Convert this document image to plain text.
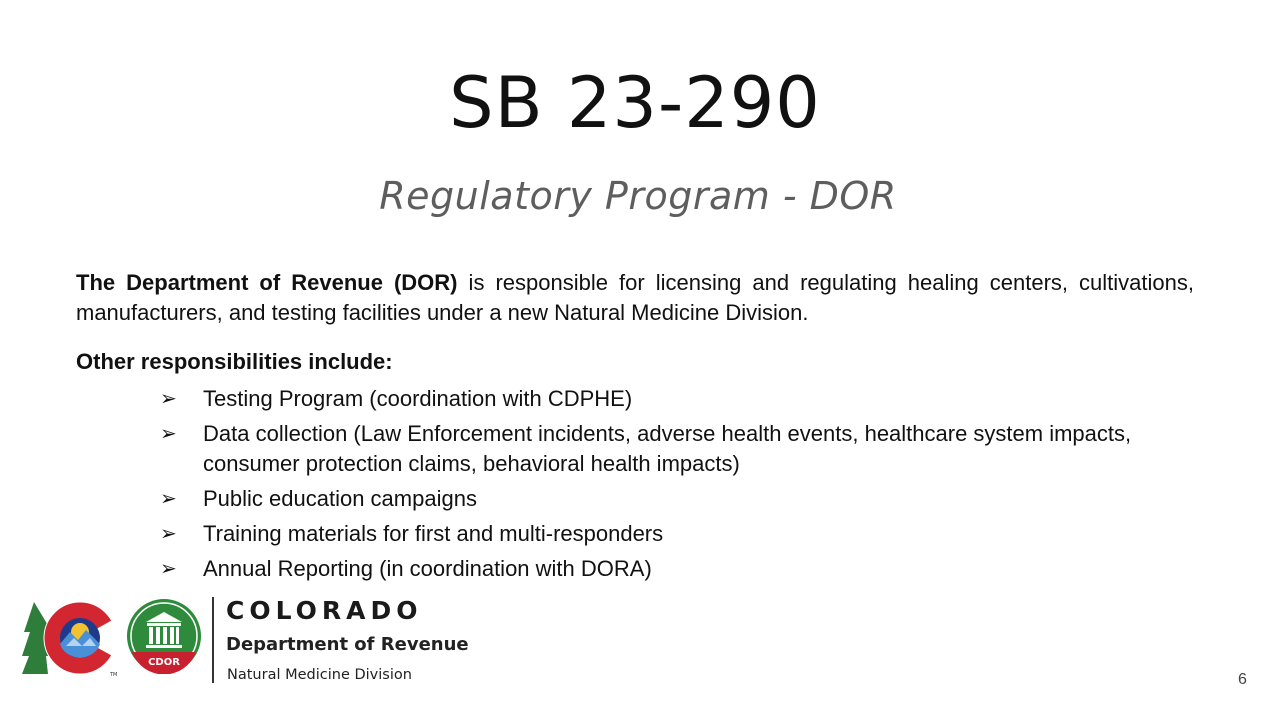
SB 23-290
Regulatory Program - DOR

The Department of Revenue (DOR) is responsible for licensing and regulating healing centers, cultivations, manufacturers, and testing facilities under a new Natural Medicine Division.

Other responsibilities include:
➢ Testing Program (coordination with CDPHE)
➢ Data collection (Law Enforcement incidents, adverse health events, healthcare system impacts, consumer protection claims, behavioral health impacts)
➢ Public education campaigns
➢ Training materials for first and multi-responders
➢ Annual Reporting (in coordination with DORA)
TM
CDOR
COLORADO
Department of Revenue
Natural Medicine Division	6
